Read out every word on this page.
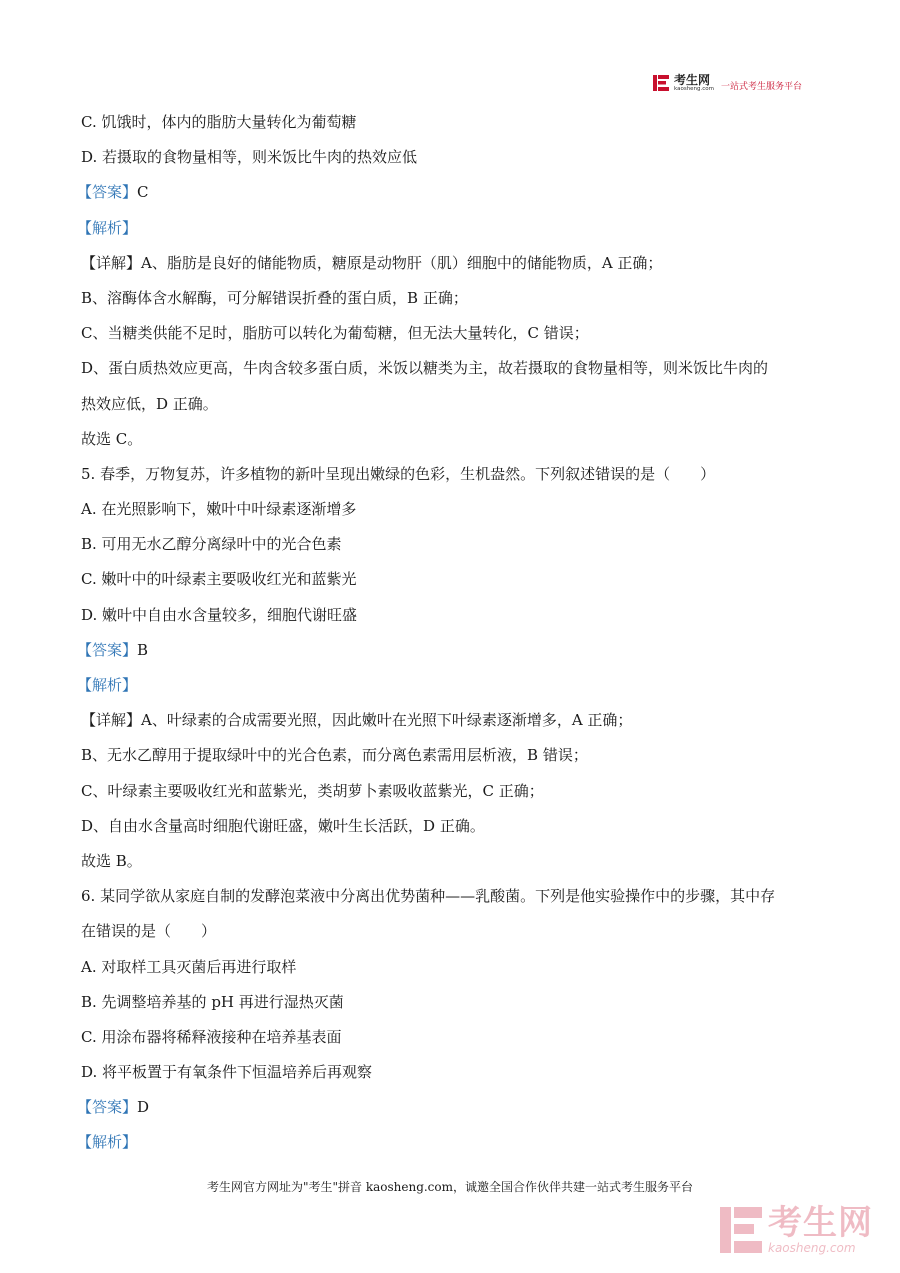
考生网
kaosheng.com 一站式考生服务平台
C. 饥饿时，体内的脂肪大量转化为葡萄糖
D. 若摄取的食物量相等，则米饭比牛肉的热效应低
【答案】C
【解析】
【详解】A、脂肪是良好的储能物质，糖原是动物肝（肌）细胞中的储能物质，A 正确；
B、溶酶体含水解酶，可分解错误折叠的蛋白质，B 正确；
C、当糖类供能不足时，脂肪可以转化为葡萄糖，但无法大量转化，C 错误；
D、蛋白质热效应更高，牛肉含较多蛋白质，米饭以糖类为主，故若摄取的食物量相等，则米饭比牛肉的
热效应低，D 正确。
故选 C。
5. 春季，万物复苏，许多植物的新叶呈现出嫩绿的色彩，生机盎然。下列叙述错误的是（　　）
A. 在光照影响下，嫩叶中叶绿素逐渐增多
B. 可用无水乙醇分离绿叶中的光合色素
C. 嫩叶中的叶绿素主要吸收红光和蓝紫光
D. 嫩叶中自由水含量较多，细胞代谢旺盛
【答案】B
【解析】
【详解】A、叶绿素的合成需要光照，因此嫩叶在光照下叶绿素逐渐增多，A 正确；
B、无水乙醇用于提取绿叶中的光合色素，而分离色素需用层析液，B 错误；
C、叶绿素主要吸收红光和蓝紫光，类胡萝卜素吸收蓝紫光，C 正确；
D、自由水含量高时细胞代谢旺盛，嫩叶生长活跃，D 正确。
故选 B。
6. 某同学欲从家庭自制的发酵泡菜液中分离出优势菌种——乳酸菌。下列是他实验操作中的步骤，其中存
在错误的是（　　）
A. 对取样工具灭菌后再进行取样
B. 先调整培养基的 pH 再进行湿热灭菌
C. 用涂布器将稀释液接种在培养基表面
D. 将平板置于有氧条件下恒温培养后再观察
【答案】D
【解析】
考生网官方网址为"考生"拼音 kaosheng.com，诚邀全国合作伙伴共建一站式考生服务平台
考生网
kaosheng.com
